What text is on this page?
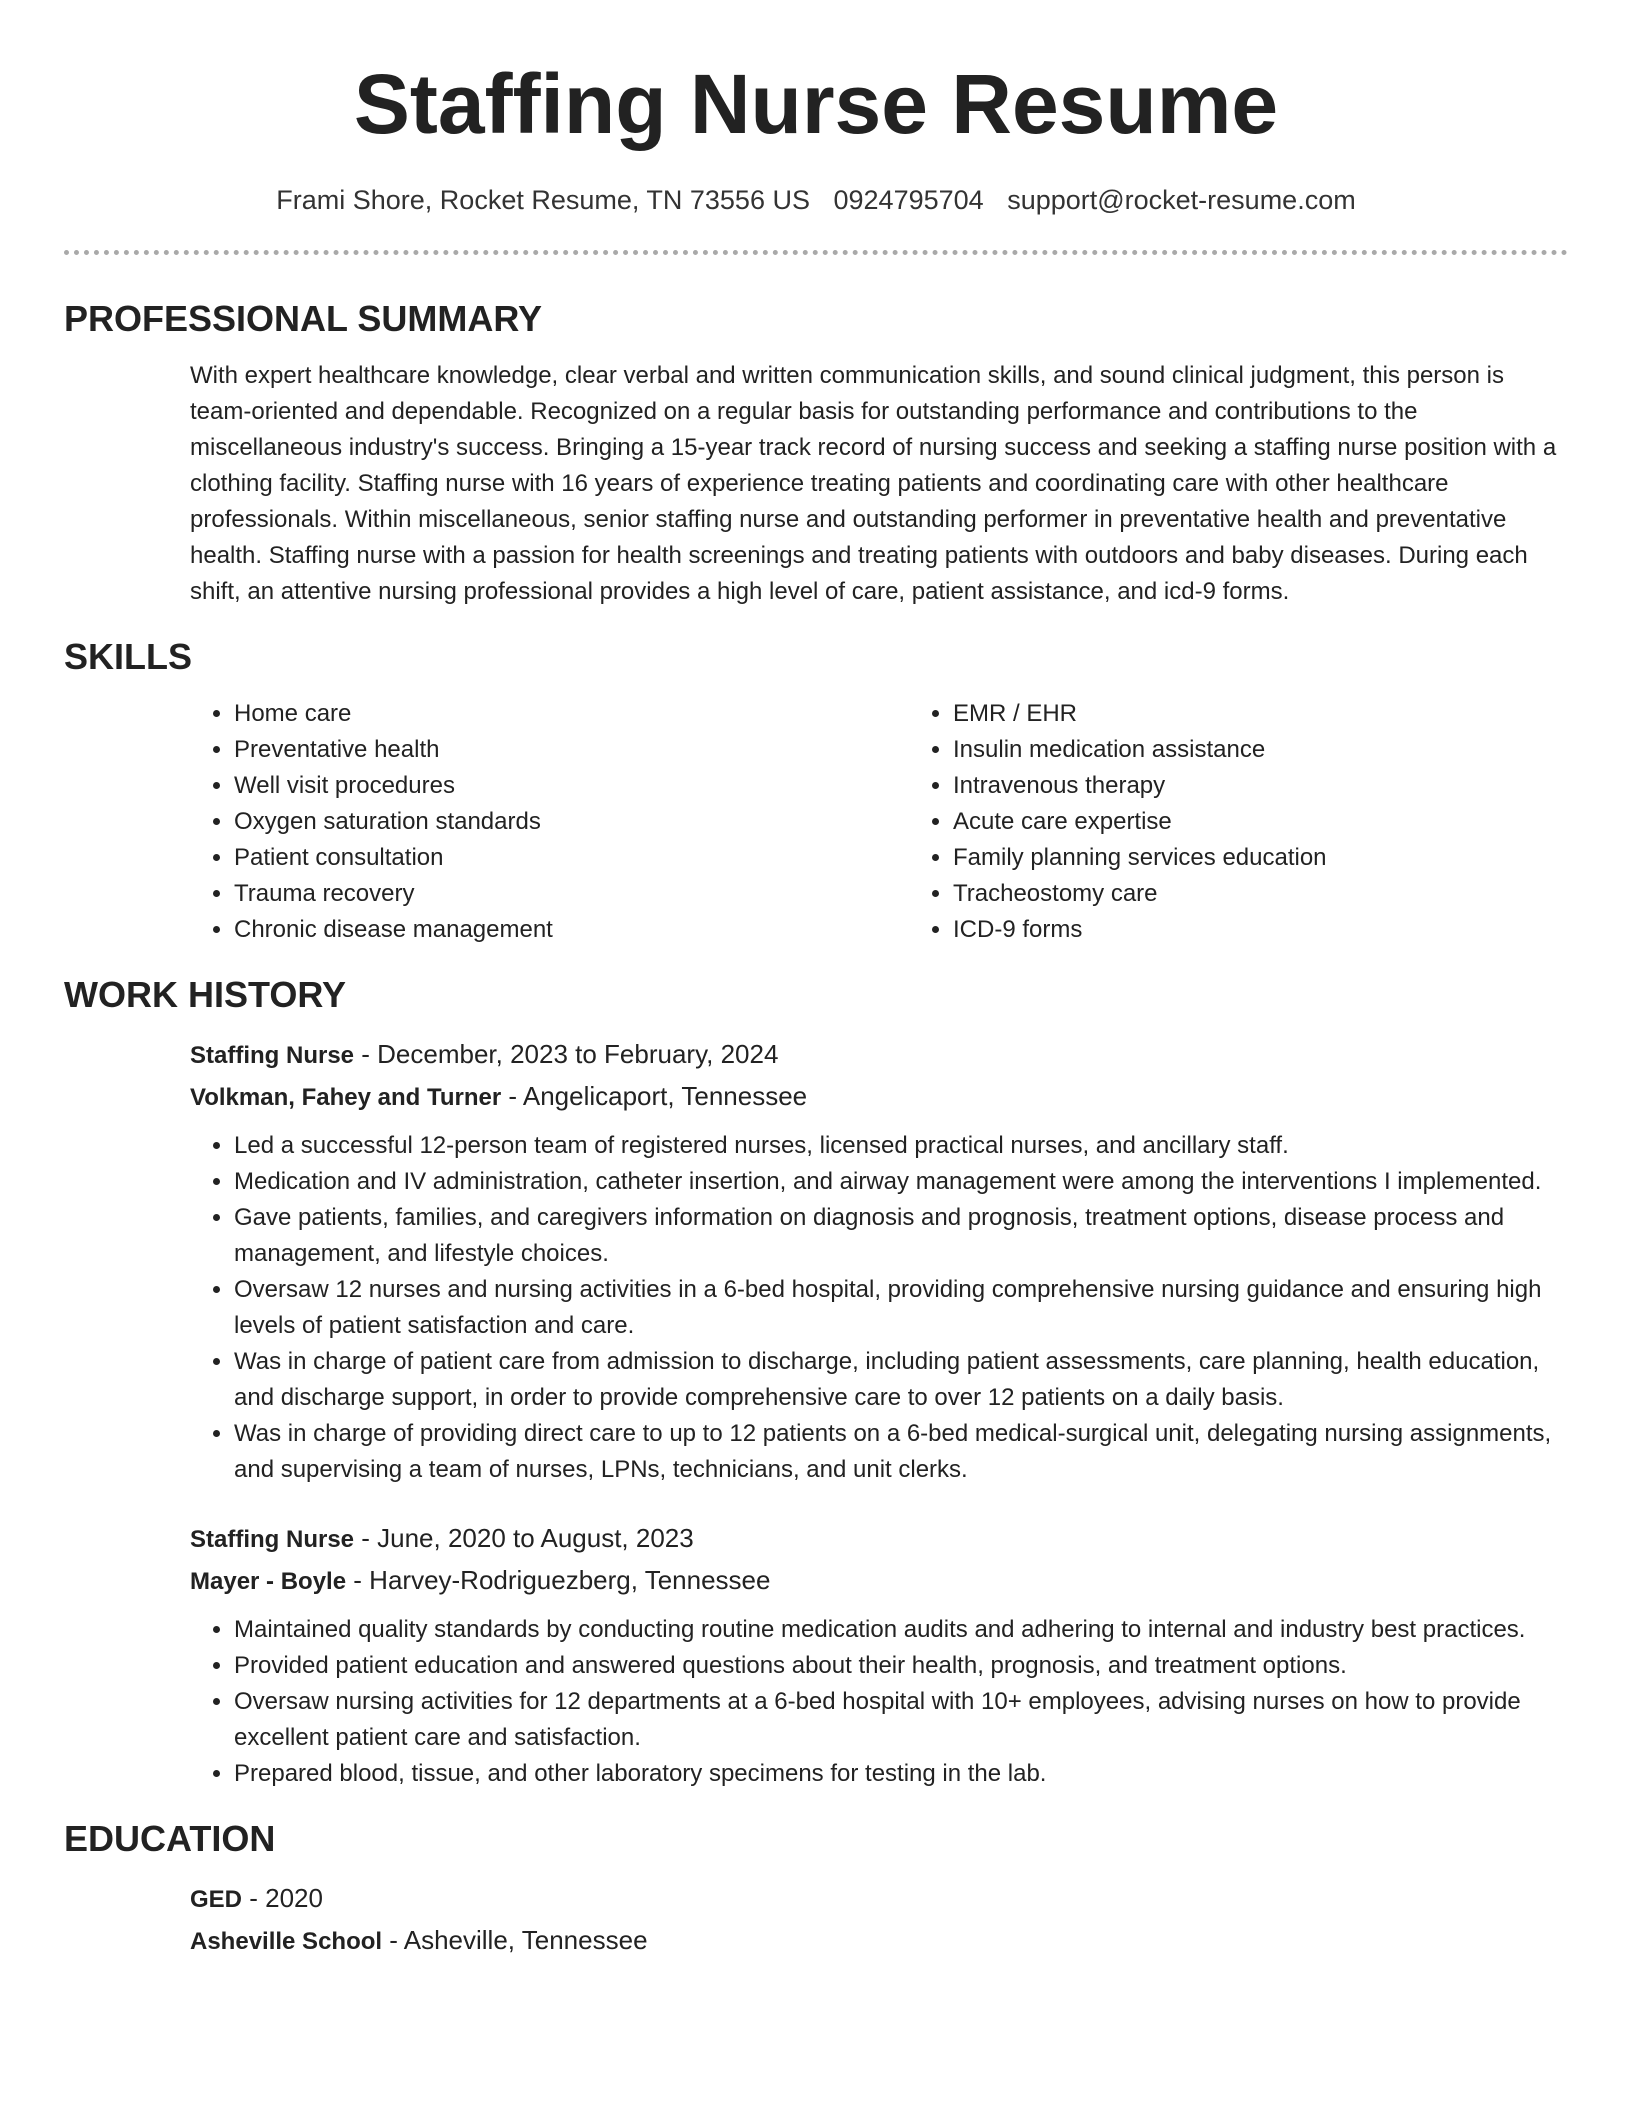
Staffing Nurse Resume
Frami Shore, Rocket Resume, TN 73556 US 0924795704 support@rocket-resume.com
PROFESSIONAL SUMMARY

With expert healthcare knowledge, clear verbal and written communication skills, and sound clinical judgment, this person is team-oriented and dependable. Recognized on a regular basis for outstanding performance and contributions to the miscellaneous industry's success. Bringing a 15-year track record of nursing success and seeking a staffing nurse position with a clothing facility. Staffing nurse with 16 years of experience treating patients and coordinating care with other healthcare professionals. Within miscellaneous, senior staffing nurse and outstanding performer in preventative health and preventative health. Staffing nurse with a passion for health screenings and treating patients with outdoors and baby diseases. During each shift, an attentive nursing professional provides a high level of care, patient assistance, and icd-9 forms.

SKILLS
• Home care
• Preventative health
• Well visit procedures
• Oxygen saturation standards
• Patient consultation
• Trauma recovery
• Chronic disease management
• EMR / EHR
• Insulin medication assistance
• Intravenous therapy
• Acute care expertise
• Family planning services education
• Tracheostomy care
• ICD-9 forms
WORK HISTORY
Staffing Nurse - December, 2023 to February, 2024
Volkman, Fahey and Turner - Angelicaport, Tennessee
• Led a successful 12-person team of registered nurses, licensed practical nurses, and ancillary staff.
• Medication and IV administration, catheter insertion, and airway management were among the interventions I implemented.
• Gave patients, families, and caregivers information on diagnosis and prognosis, treatment options, disease process and management, and lifestyle choices.
• Oversaw 12 nurses and nursing activities in a 6-bed hospital, providing comprehensive nursing guidance and ensuring high levels of patient satisfaction and care.
• Was in charge of patient care from admission to discharge, including patient assessments, care planning, health education, and discharge support, in order to provide comprehensive care to over 12 patients on a daily basis.
• Was in charge of providing direct care to up to 12 patients on a 6-bed medical-surgical unit, delegating nursing assignments, and supervising a team of nurses, LPNs, technicians, and unit clerks.
Staffing Nurse - June, 2020 to August, 2023
Mayer - Boyle - Harvey-Rodriguezberg, Tennessee
• Maintained quality standards by conducting routine medication audits and adhering to internal and industry best practices.
• Provided patient education and answered questions about their health, prognosis, and treatment options.
• Oversaw nursing activities for 12 departments at a 6-bed hospital with 10+ employees, advising nurses on how to provide excellent patient care and satisfaction.
• Prepared blood, tissue, and other laboratory specimens for testing in the lab.
EDUCATION
GED - 2020
Asheville School - Asheville, Tennessee
